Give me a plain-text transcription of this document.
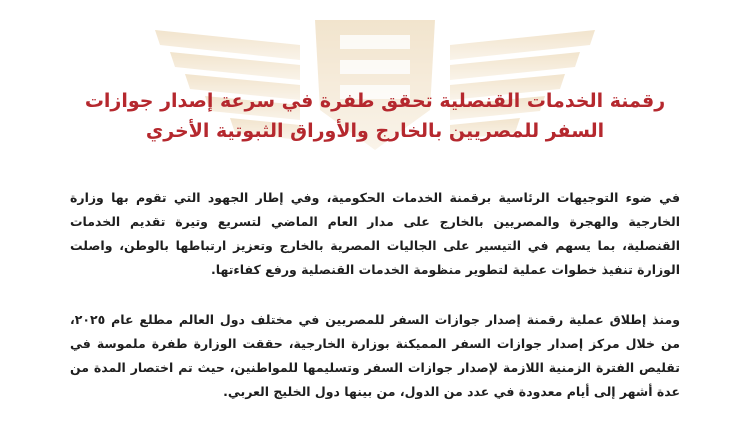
رقمنة الخدمات القنصلية تحقق طفرة في سرعة إصدار جوازات
السفر للمصريين بالخارج والأوراق الثبوتية الأخري

في ضوء التوجيهات الرئاسية برقمنة الخدمات الحكومية، وفي إطار الجهود التي تقوم بها وزارة الخارجية والهجرة والمصريين بالخارج على مدار العام الماضي لتسريع وتيرة تقديم الخدمات القنصلية، بما يسهم في التيسير على الجاليات المصرية بالخارج وتعزيز ارتباطها بالوطن، واصلت الوزارة تنفيذ خطوات عملية لتطوير منظومة الخدمات القنصلية ورفع كفاءتها.

ومنذ إطلاق عملية رقمنة إصدار جوازات السفر للمصريين في مختلف دول العالم مطلع عام ٢٠٢٥، من خلال مركز إصدار جوازات السفر المميكنة بوزارة الخارجية، حققت الوزارة طفرة ملموسة في تقليص الفترة الزمنية اللازمة لإصدار جوازات السفر وتسليمها للمواطنين، حيث تم اختصار المدة من عدة أشهر إلى أيام معدودة في عدد من الدول، من بينها دول الخليج العربي.
